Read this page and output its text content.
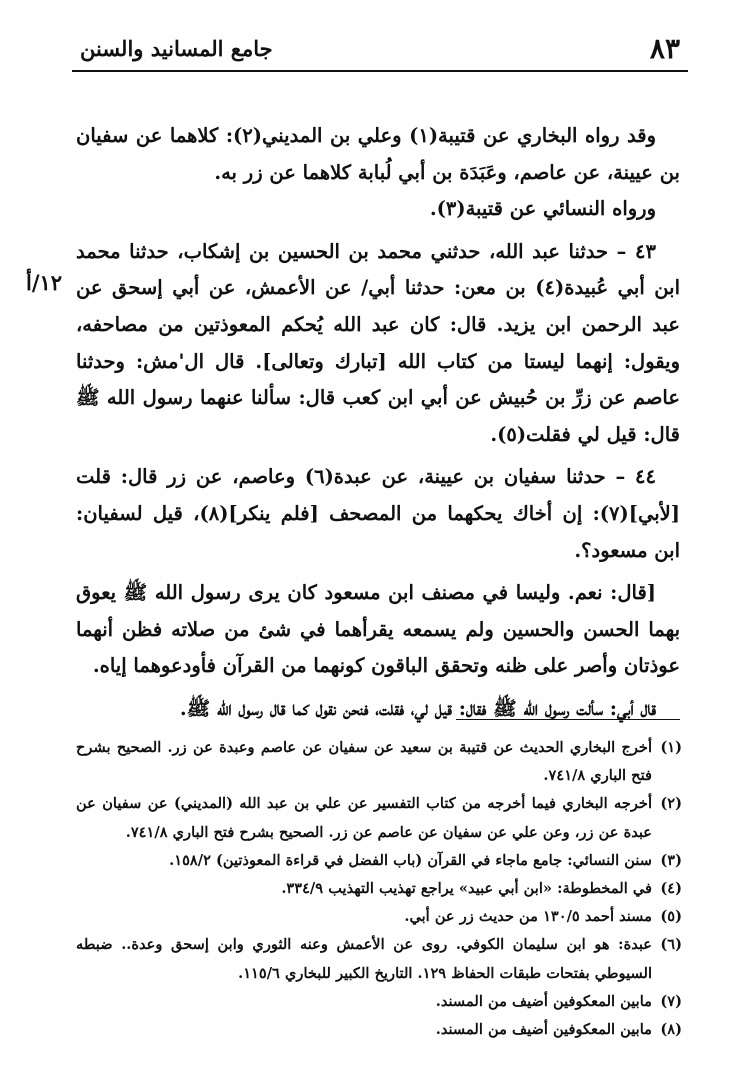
٨٣
جامع المسانيد والسنن
١٢/أ

وقد رواه البخاري عن قتيبة(١) وعلي بن المديني(٢): كلاهما عن سفيان بن عيينة، عن عاصم، وعَبَدَة بن أبي لُبابة كلاهما عن زر به.

ورواه النسائي عن قتيبة(٣).

٤٣ – حدثنا عبد الله، حدثني محمد بن الحسين بن إشكاب، حدثنا محمد ابن أبي عُبيدة(٤) بن معن: حدثنا أبي/ عن الأعمش، عن أبي إسحق عن عبد الرحمن ابن يزيد. قال: كان عبد الله يُحكم المعوذتين من مصاحفه، ويقول: إنهما ليستا من كتاب الله [تبارك وتعالى]. قال ال'مش: وحدثنا عاصم عن زرِّ بن حُبيش عن أبي ابن كعب قال: سألنا عنهما رسول الله ﷺ قال: قيل لي فقلت(٥).

٤٤ – حدثنا سفيان بن عيينة، عن عبدة(٦) وعاصم، عن زر قال: قلت [لأبي](٧): إن أخاك يحكهما من المصحف [فلم ينكر](٨)، قيل لسفيان: ابن مسعود؟.

[قال: نعم. وليسا في مصنف ابن مسعود كان يرى رسول الله ﷺ يعوق بهما الحسن والحسين ولم يسمعه يقرأهما في شئ من صلاته فظن أنهما عوذتان وأصر على ظنه وتحقق الباقون كونهما من القرآن فأودعوهما إياه.

قال أبي: سألت رسول الله ﷺ فقال: قيل لي، فقلت، فنحن نقول كما قال رسول الله ﷺ.

(١)
أخرج البخاري الحديث عن قتيبة بن سعيد عن سفيان عن عاصم وعبدة عن زر. الصحيح بشرح فتح الباري ٧٤١/٨.
(٢)
أخرجه البخاري فيما أخرجه من كتاب التفسير عن علي بن عبد الله (المديني) عن سفيان عن عبدة عن زر، وعن علي عن سفيان عن عاصم عن زر. الصحيح بشرح فتح الباري ٧٤١/٨.
(٣)
سنن النسائي: جامع ماجاء في القرآن (باب الفضل في قراءة المعوذتين) ١٥٨/٢.
(٤)
في المخطوطة: «ابن أبي عبيد» يراجع تهذيب التهذيب ٣٣٤/٩.
(٥)
مسند أحمد ١٣٠/٥ من حديث زر عن أبي.
(٦)
عبدة: هو ابن سليمان الكوفي. روى عن الأعمش وعنه الثوري وابن إسحق وعدة.. ضبطه السيوطي بفتحات طبقات الحفاظ ١٢٩. التاريخ الكبير للبخاري ١١٥/٦.
(٧)
مابين المعكوفين أضيف من المسند.
(٨)
مابين المعكوفين أضيف من المسند.
